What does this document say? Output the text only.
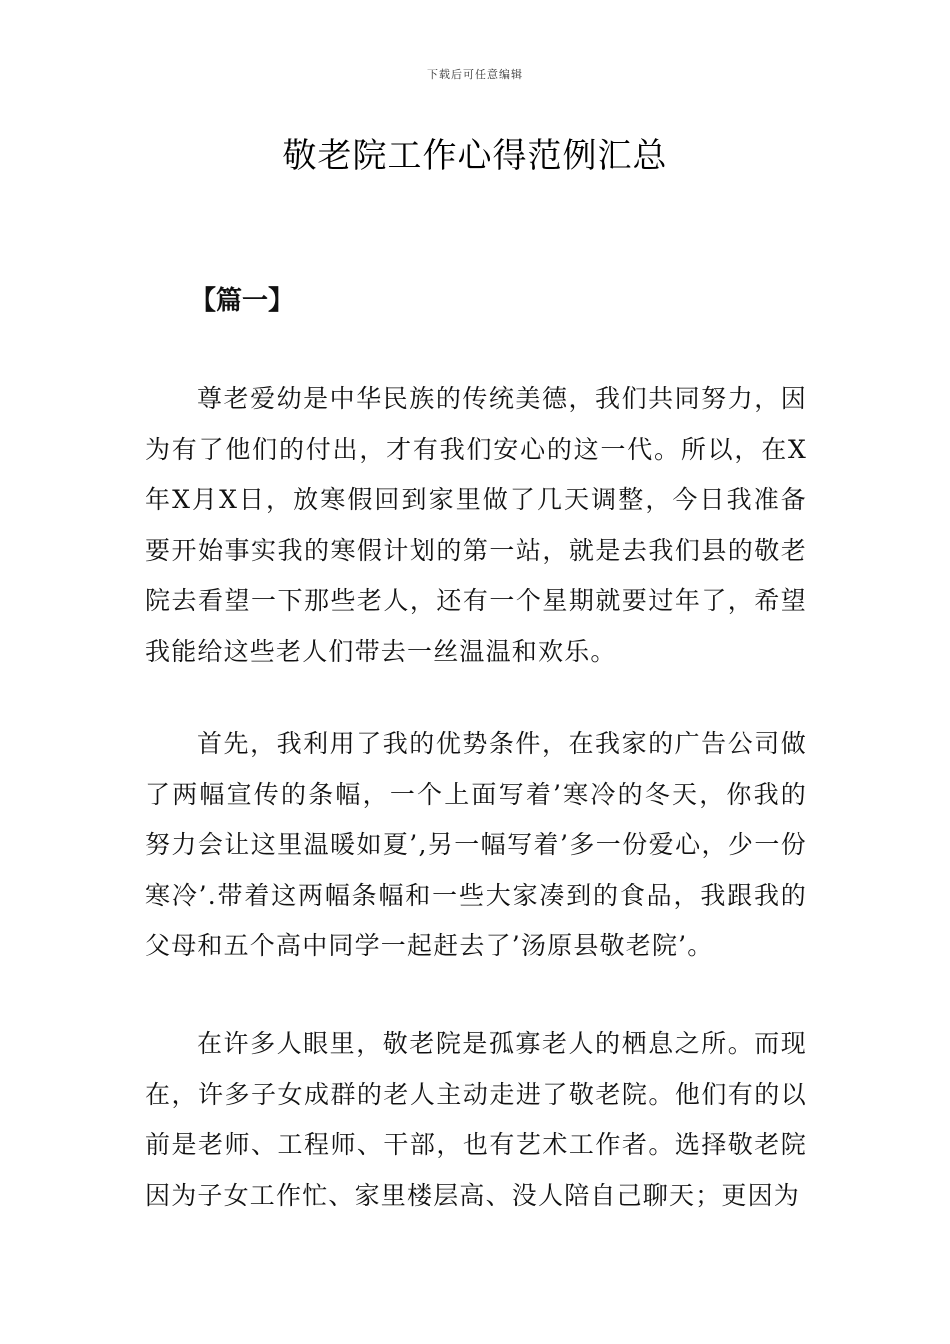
下载后可任意编辑
敬老院工作心得范例汇总
【篇一】

尊老爱幼是中华民族的传统美德，我们共同努力，因为有了他们的付出，才有我们安心的这一代。所以，在X年X月X日，放寒假回到家里做了几天调整，今日我准备要开始事实我的寒假计划的第一站，就是去我们县的敬老院去看望一下那些老人，还有一个星期就要过年了，希望我能给这些老人们带去一丝温温和欢乐。

首先，我利用了我的优势条件，在我家的广告公司做了两幅宣传的条幅，一个上面写着’寒冷的冬天，你我的努力会让这里温暖如夏’,另一幅写着’多一份爱心，少一份寒冷’.带着这两幅条幅和一些大家凑到的食品，我跟我的父母和五个高中同学一起赶去了’汤原县敬老院’。

在许多人眼里，敬老院是孤寡老人的栖息之所。而现在，许多子女成群的老人主动走进了敬老院。他们有的以前是老师、工程师、干部，也有艺术工作者。选择敬老院因为子女工作忙、家里楼层高、没人陪自己聊天；更因为
